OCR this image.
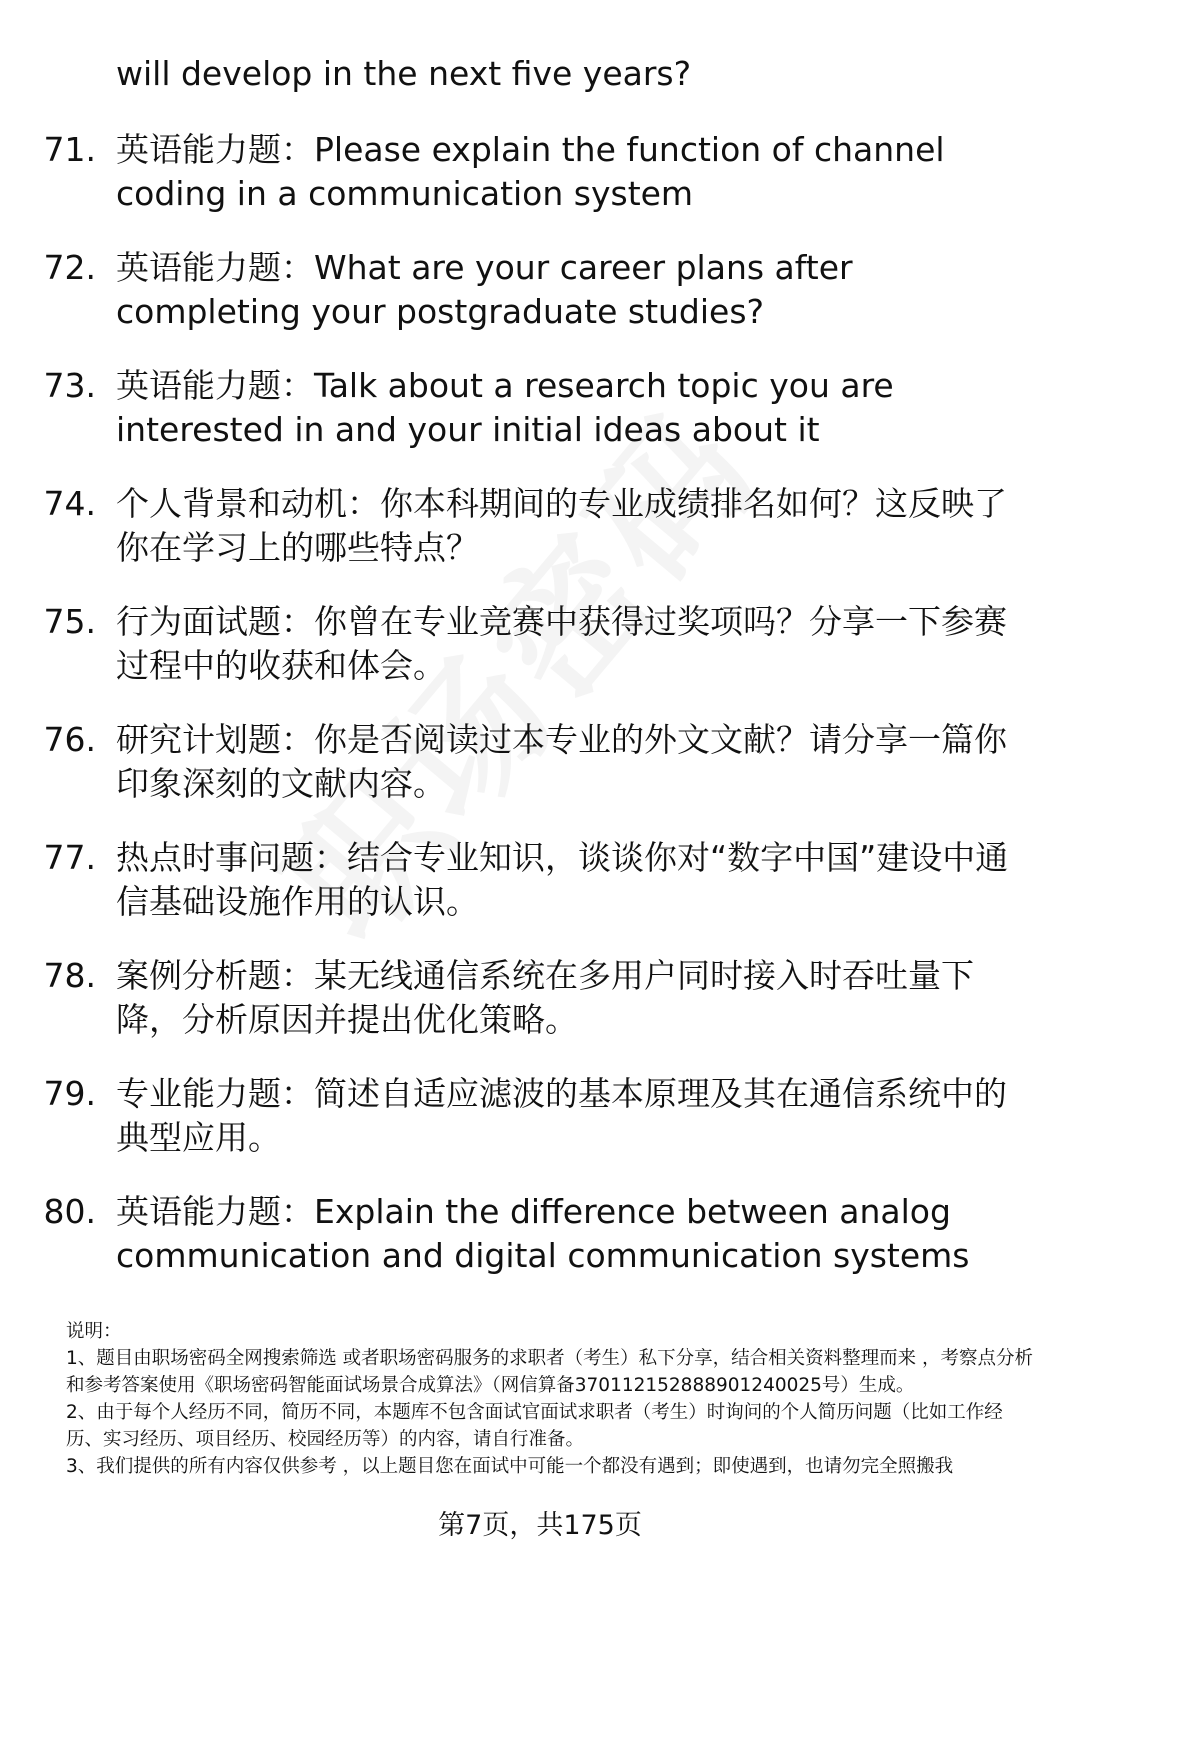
will develop in the next five years?
71. 英语能力题：Please explain the function of channel coding in a communication system
72. 英语能力题：What are your career plans after completing your postgraduate studies?
73. 英语能力题：Talk about a research topic you are interested in and your initial ideas about it
74. 个人背景和动机：你本科期间的专业成绩排名如何？这反映了你在学习上的哪些特点？
75. 行为面试题：你曾在专业竞赛中获得过奖项吗？分享一下参赛过程中的收获和体会。
76. 研究计划题：你是否阅读过本专业的外文文献？请分享一篇你印象深刻的文献内容。
77. 热点时事问题：结合专业知识，谈谈你对“数字中国”建设中通信基础设施作用的认识。
78. 案例分析题：某无线通信系统在多用户同时接入时吞吐量下降，分析原因并提出优化策略。
79. 专业能力题：简述自适应滤波的基本原理及其在通信系统中的典型应用。
80. 英语能力题：Explain the difference between analog communication and digital communication systems

说明：

1、题目由职场密码全网搜索筛选 或者职场密码服务的求职者（考生）私下分享，结合相关资料整理而来 ，考察点分析和参考答案使用《职场密码智能面试场景合成算法》（网信算备370112152888901240025号）生成。

2、由于每个人经历不同，简历不同，本题库不包含面试官面试求职者（考生）时询问的个人简历问题（比如工作经历、实习经历、项目经历、校园经历等）的内容，请自行准备。

3、我们提供的所有内容仅供参考 ，以上题目您在面试中可能一个都没有遇到；即使遇到，也请勿完全照搬我

第7页，共175页
